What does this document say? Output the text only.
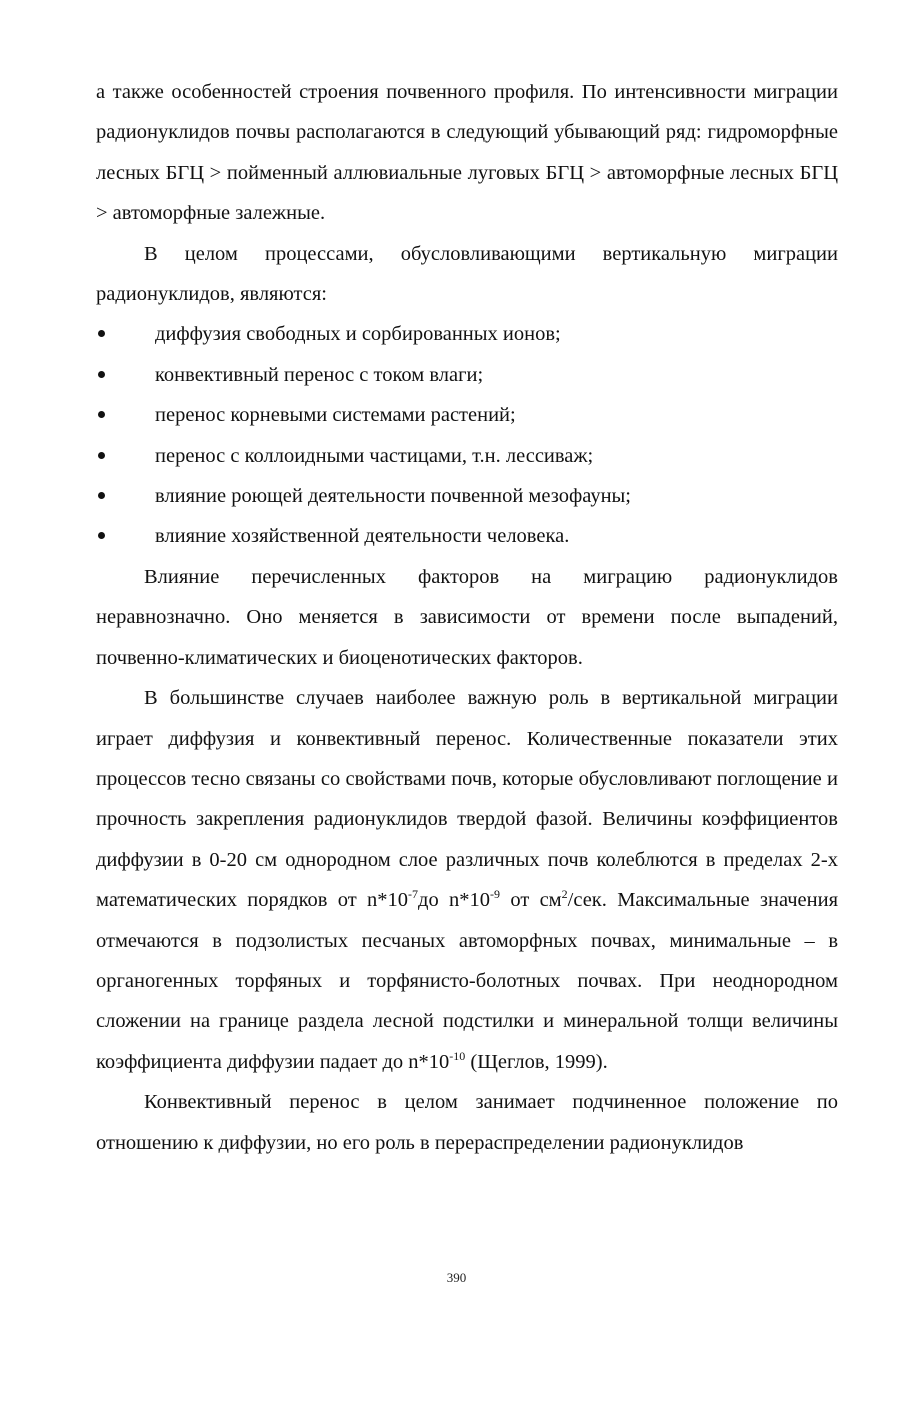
а также особенностей строения почвенного профиля. По интенсивности миграции радионуклидов почвы располагаются в следующий убывающий ряд: гидроморфные лесных БГЦ > пойменный аллювиальные луговых БГЦ > автоморфные лесных БГЦ > автоморфные залежные.

В целом процессами, обусловливающими вертикальную миграции радионуклидов, являются:

диффузия свободных и сорбированных ионов;
конвективный перенос с током влаги;
перенос корневыми системами растений;
перенос с коллоидными частицами, т.н. лессиваж;
влияние роющей деятельности почвенной мезофауны;
влияние хозяйственной деятельности человека.

Влияние перечисленных факторов на миграцию радионуклидов неравнозначно. Оно меняется в зависимости от времени после выпадений, почвенно-климатических и биоценотических факторов.

В большинстве случаев наиболее важную роль в вертикальной миграции играет диффузия и конвективный перенос. Количественные показатели этих процессов тесно связаны со свойствами почв, которые обусловливают поглощение и прочность закрепления радионуклидов твердой фазой. Величины коэффициентов диффузии в 0-20 см однородном слое различных почв колеблются в пределах 2-х математических порядков от $n*10^{-7}до$ $n*10^{-9}$ от $см^2$/сек. Максимальные значения отмечаются в подзолистых песчаных автоморфных почвах, минимальные – в органогенных торфяных и торфянисто-болотных почвах. При неоднородном сложении на границе раздела лесной подстилки и минеральной толщи величины коэффициента диффузии падает до $n*10^{-10}$ (Щеглов, 1999).

Конвективный перенос в целом занимает подчиненное положение по отношению к диффузии, но его роль в перераспределении радионуклидов

390
